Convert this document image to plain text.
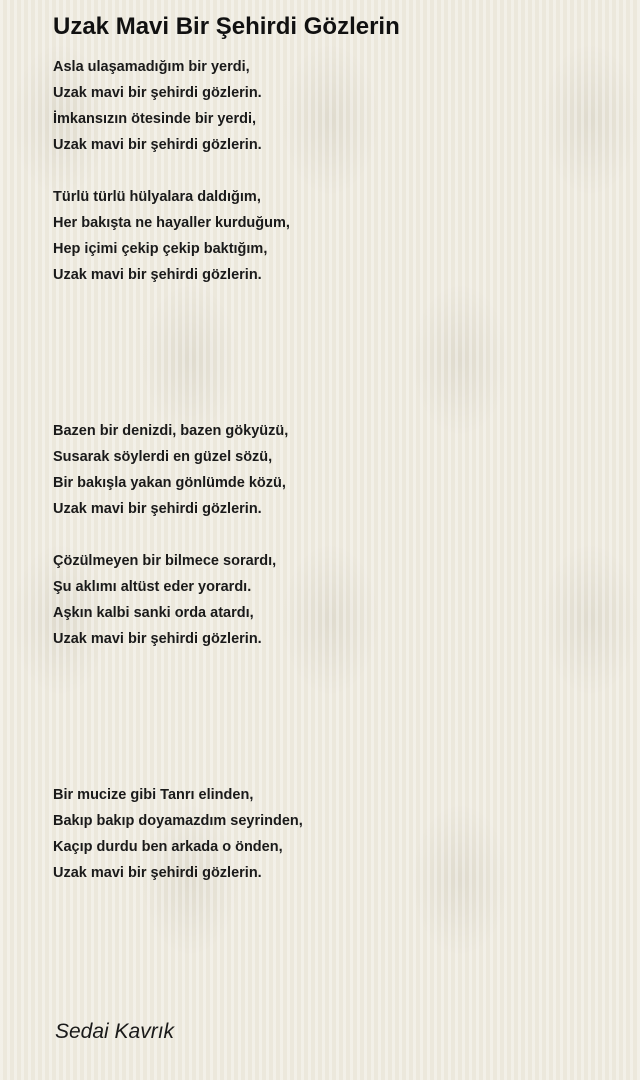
Uzak Mavi Bir Şehirdi Gözlerin
Asla ulaşamadığım bir yerdi,
Uzak mavi bir şehirdi gözlerin.
İmkansızın ötesinde bir yerdi,
Uzak mavi bir şehirdi gözlerin.
Türlü türlü hülyalara daldığım,
Her bakışta ne hayaller kurduğum,
Hep içimi çekip çekip baktığım,
Uzak mavi bir şehirdi gözlerin.
Bazen bir denizdi, bazen gökyüzü,
Susarak söylerdi en güzel sözü,
Bir bakışla yakan gönlümde közü,
Uzak mavi bir şehirdi gözlerin.
Çözülmeyen bir bilmece sorardı,
Şu aklımı altüst eder yorardı.
Aşkın kalbi sanki orda atardı,
Uzak mavi bir şehirdi gözlerin.
Bir mucize gibi Tanrı elinden,
Bakıp bakıp doyamazdım seyrinden,
Kaçıp durdu ben arkada o önden,
Uzak mavi bir şehirdi gözlerin.
Sedai Kavrık
